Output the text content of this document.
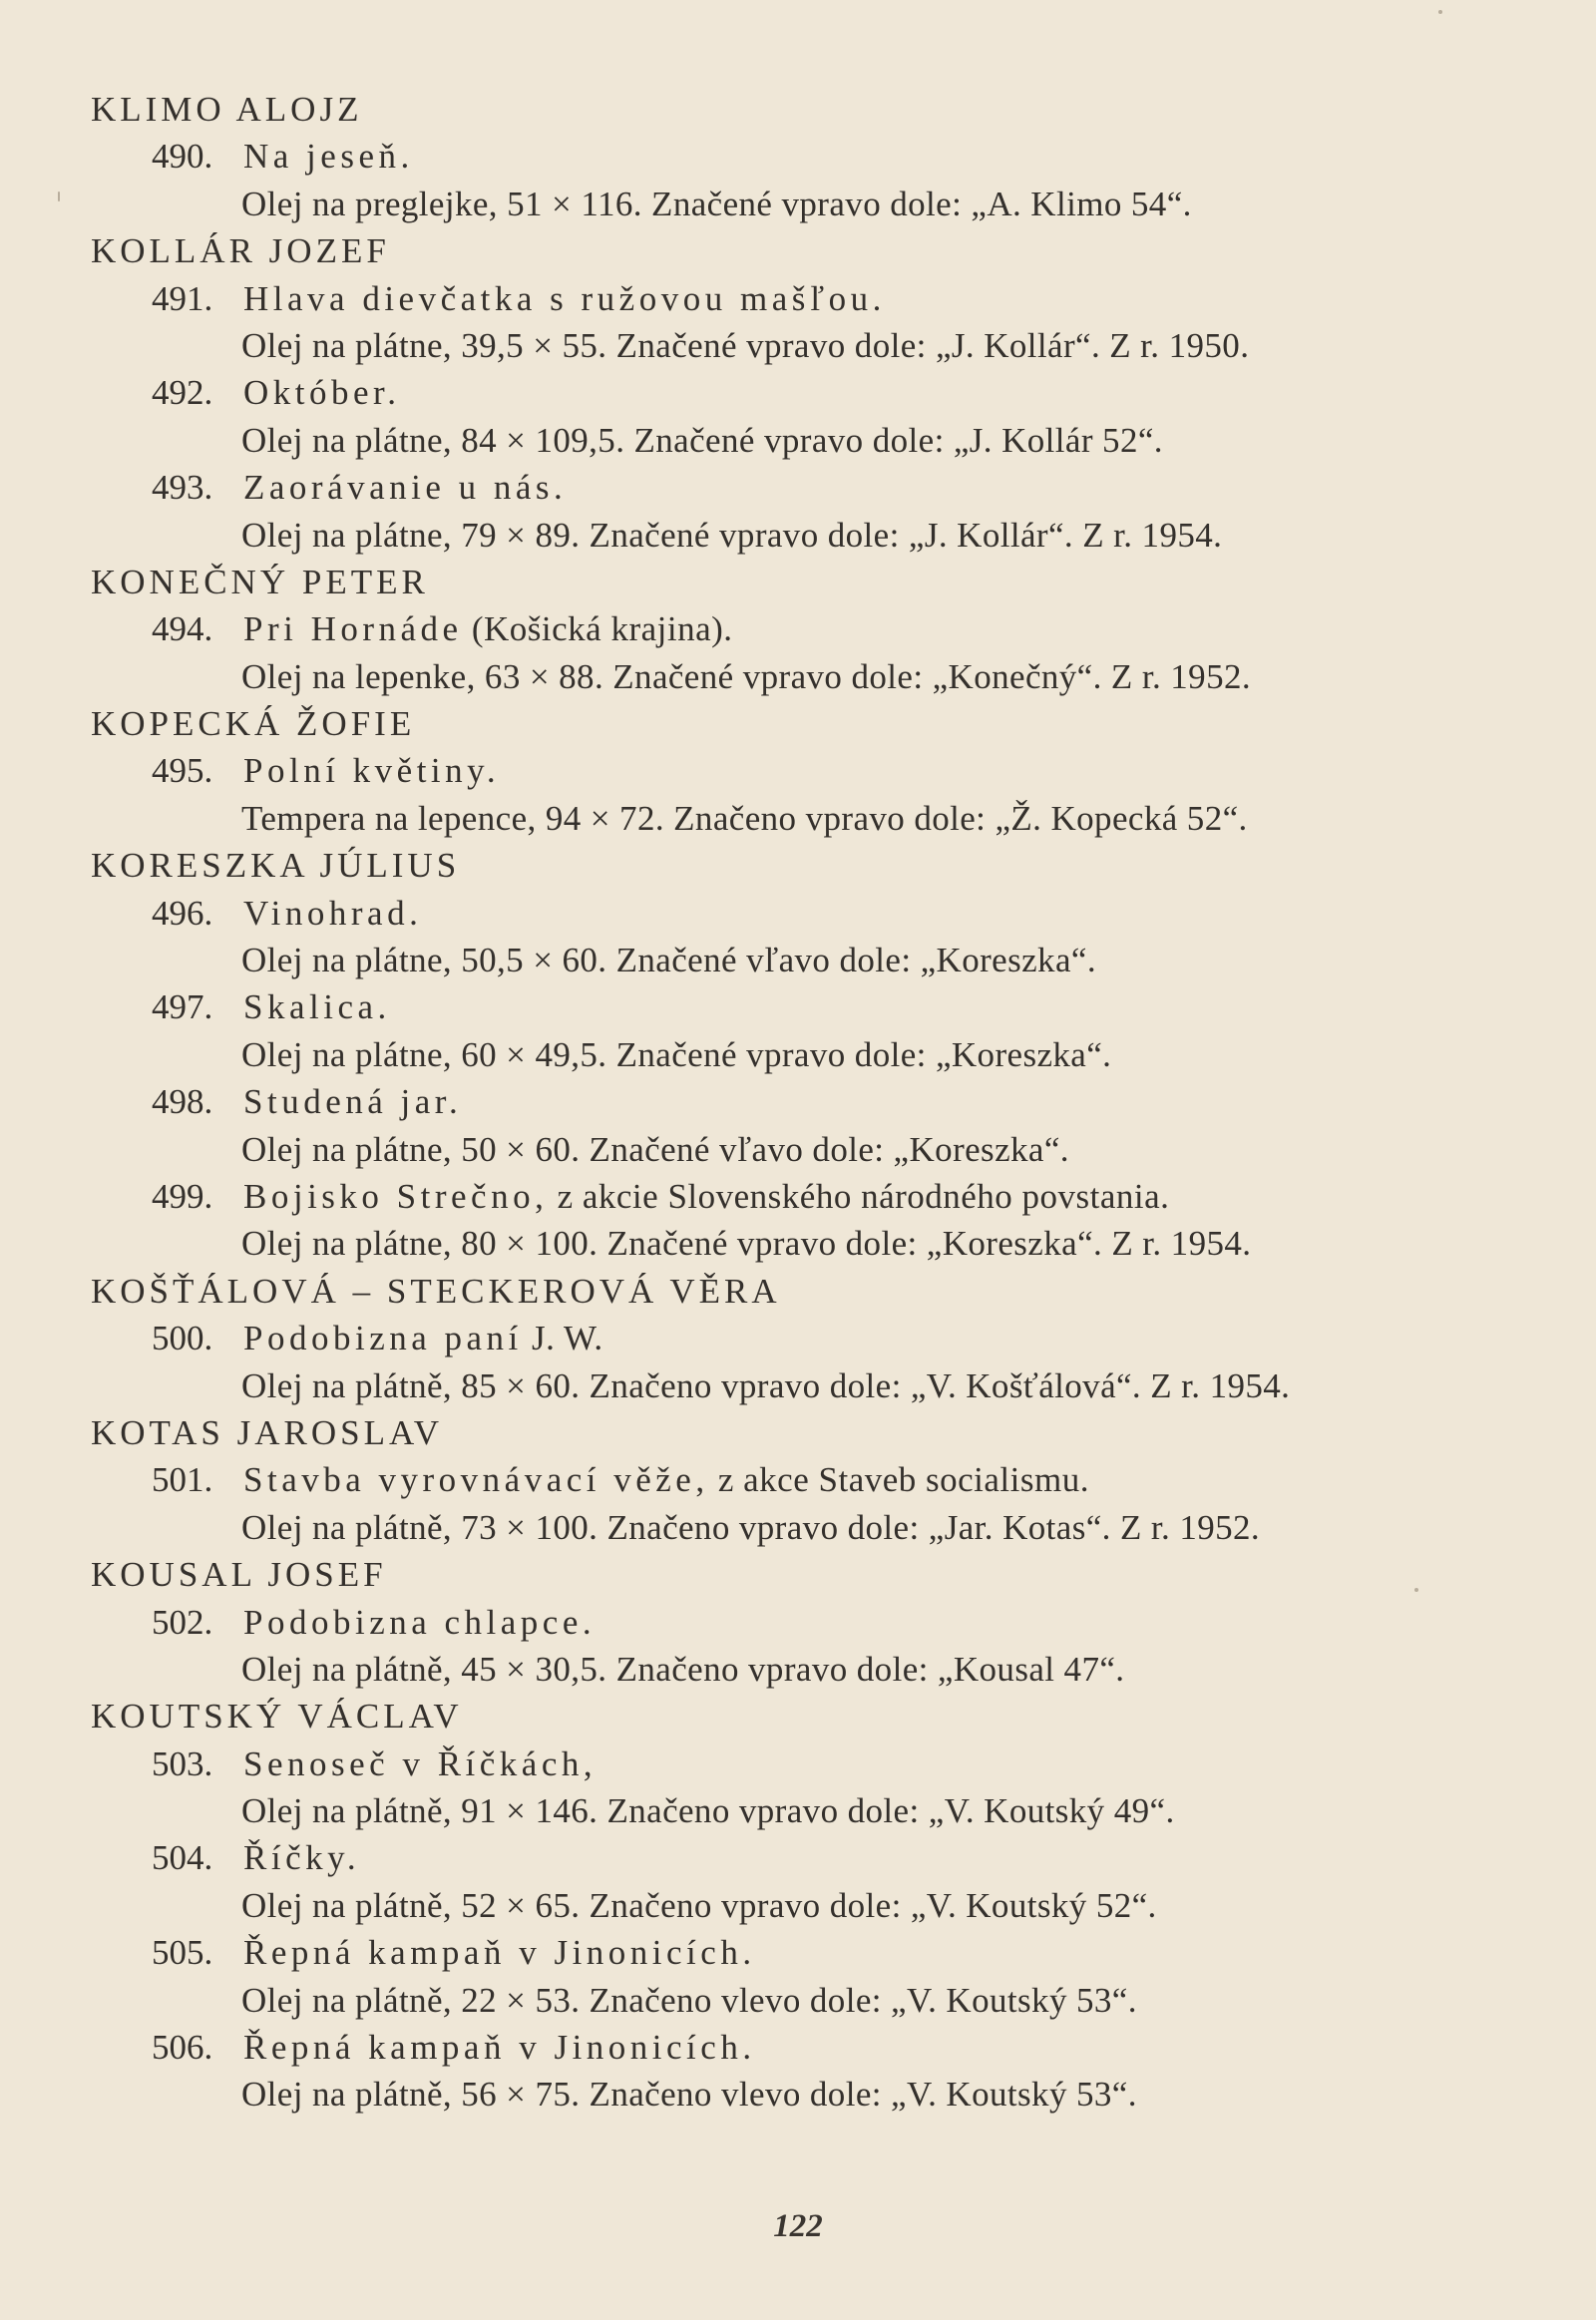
KLIMO ALOJZ
490. Na jeseň.
Olej na preglejke, 51 × 116. Značené vpravo dole: „A. Klimo 54“.
KOLLÁR JOZEF
491. Hlava dievčatka s ružovou mašľou.
Olej na plátne, 39,5 × 55. Značené vpravo dole: „J. Kollár“. Z r. 1950.
492. Október.
Olej na plátne, 84 × 109,5. Značené vpravo dole: „J. Kollár 52“.
493. Zaorávanie u nás.
Olej na plátne, 79 × 89. Značené vpravo dole: „J. Kollár“. Z r. 1954.
KONEČNÝ PETER
494. Pri Hornáde (Košická krajina).
Olej na lepenke, 63 × 88. Značené vpravo dole: „Konečný“. Z r. 1952.
KOPECKÁ ŽOFIE
495. Polní květiny.
Tempera na lepence, 94 × 72. Značeno vpravo dole: „Ž. Kopecká 52“.
KORESZKA JÚLIUS
496. Vinohrad.
Olej na plátne, 50,5 × 60. Značené vľavo dole: „Koreszka“.
497. Skalica.
Olej na plátne, 60 × 49,5. Značené vpravo dole: „Koreszka“.
498. Studená jar.
Olej na plátne, 50 × 60. Značené vľavo dole: „Koreszka“.
499. Bojisko Strečno, z akcie Slovenského národného povstania.
Olej na plátne, 80 × 100. Značené vpravo dole: „Koreszka“. Z r. 1954.
KOŠŤÁLOVÁ – STECKEROVÁ VĚRA
500. Podobizna paní J. W.
Olej na plátně, 85 × 60. Značeno vpravo dole: „V. Košťálová“. Z r. 1954.
KOTAS JAROSLAV
501. Stavba vyrovnávací věže, z akce Staveb socialismu.
Olej na plátně, 73 × 100. Značeno vpravo dole: „Jar. Kotas“. Z r. 1952.
KOUSAL JOSEF
502. Podobizna chlapce.
Olej na plátně, 45 × 30,5. Značeno vpravo dole: „Kousal 47“.
KOUTSKÝ VÁCLAV
503. Senoseč v Říčkách,
Olej na plátně, 91 × 146. Značeno vpravo dole: „V. Koutský 49“.
504. Říčky.
Olej na plátně, 52 × 65. Značeno vpravo dole: „V. Koutský 52“.
505. Řepná kampaň v Jinonicích.
Olej na plátně, 22 × 53. Značeno vlevo dole: „V. Koutský 53“.
506. Řepná kampaň v Jinonicích.
Olej na plátně, 56 × 75. Značeno vlevo dole: „V. Koutský 53“.
122
